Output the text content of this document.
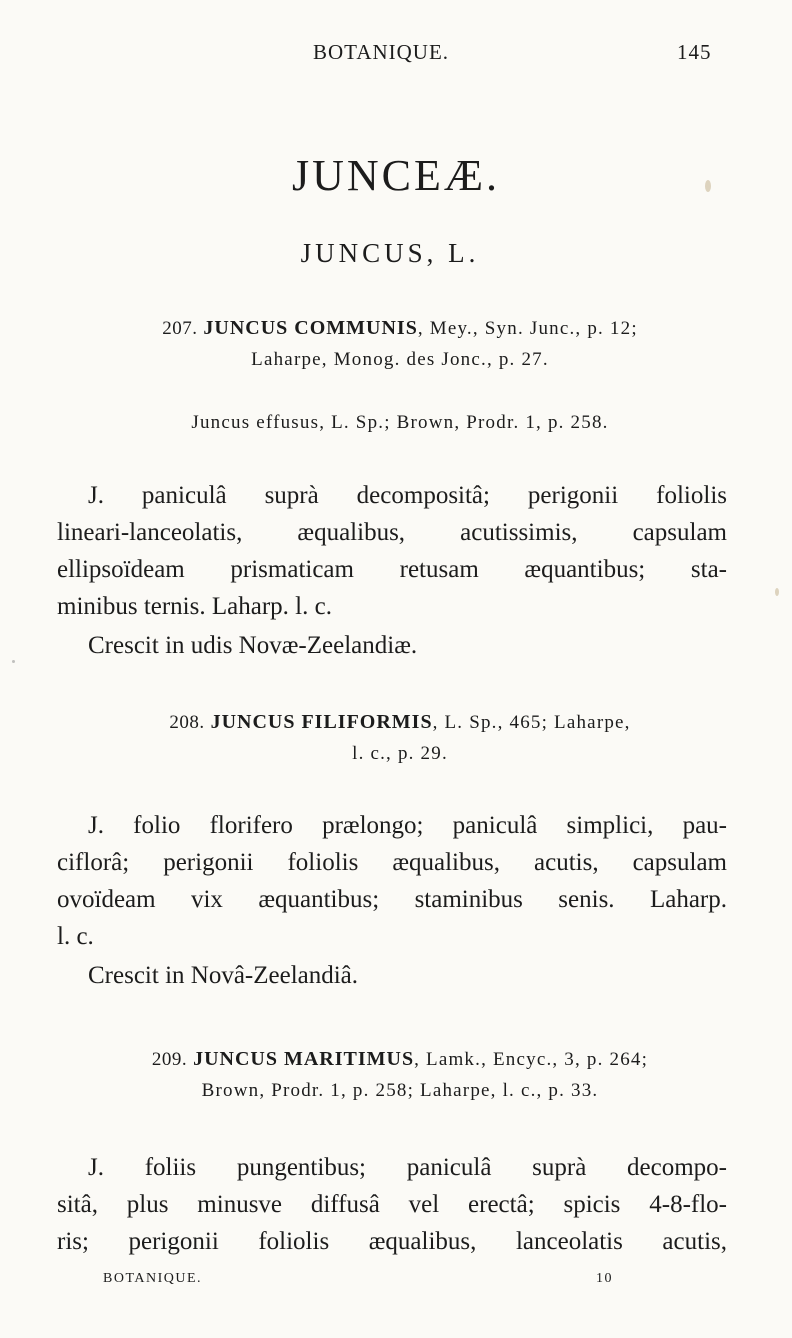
BOTANIQUE.	145
JUNCEÆ.
JUNCUS, L.
207. JUNCUS COMMUNIS, Mey., Syn. Junc., p. 12;
Laharpe, Monog. des Jonc., p. 27.
Juncus effusus, L. Sp.; Brown, Prodr. 1, p. 258.
J. paniculâ suprà decompositâ; perigonii foliolis
lineari-lanceolatis, æqualibus, acutissimis, capsulam
ellipsoïdeam prismaticam retusam æquantibus; sta-
minibus ternis. Laharp. l. c.
Crescit in udis Novæ-Zeelandiæ.
208. JUNCUS FILIFORMIS, L. Sp., 465; Laharpe,
l. c., p. 29.
J. folio florifero prælongo; paniculâ simplici, pau-
ciflorâ; perigonii foliolis æqualibus, acutis, capsulam
ovoïdeam vix æquantibus; staminibus senis. Laharp.
l. c.
Crescit in Novâ-Zeelandiâ.
209. JUNCUS MARITIMUS, Lamk., Encyc., 3, p. 264;
Brown, Prodr. 1, p. 258; Laharpe, l. c., p. 33.
J. foliis pungentibus; paniculâ suprà decompo-
sitâ, plus minusve diffusâ vel erectâ; spicis 4-8-flo-
ris; perigonii foliolis æqualibus, lanceolatis acutis,
BOTANIQUE.	10
